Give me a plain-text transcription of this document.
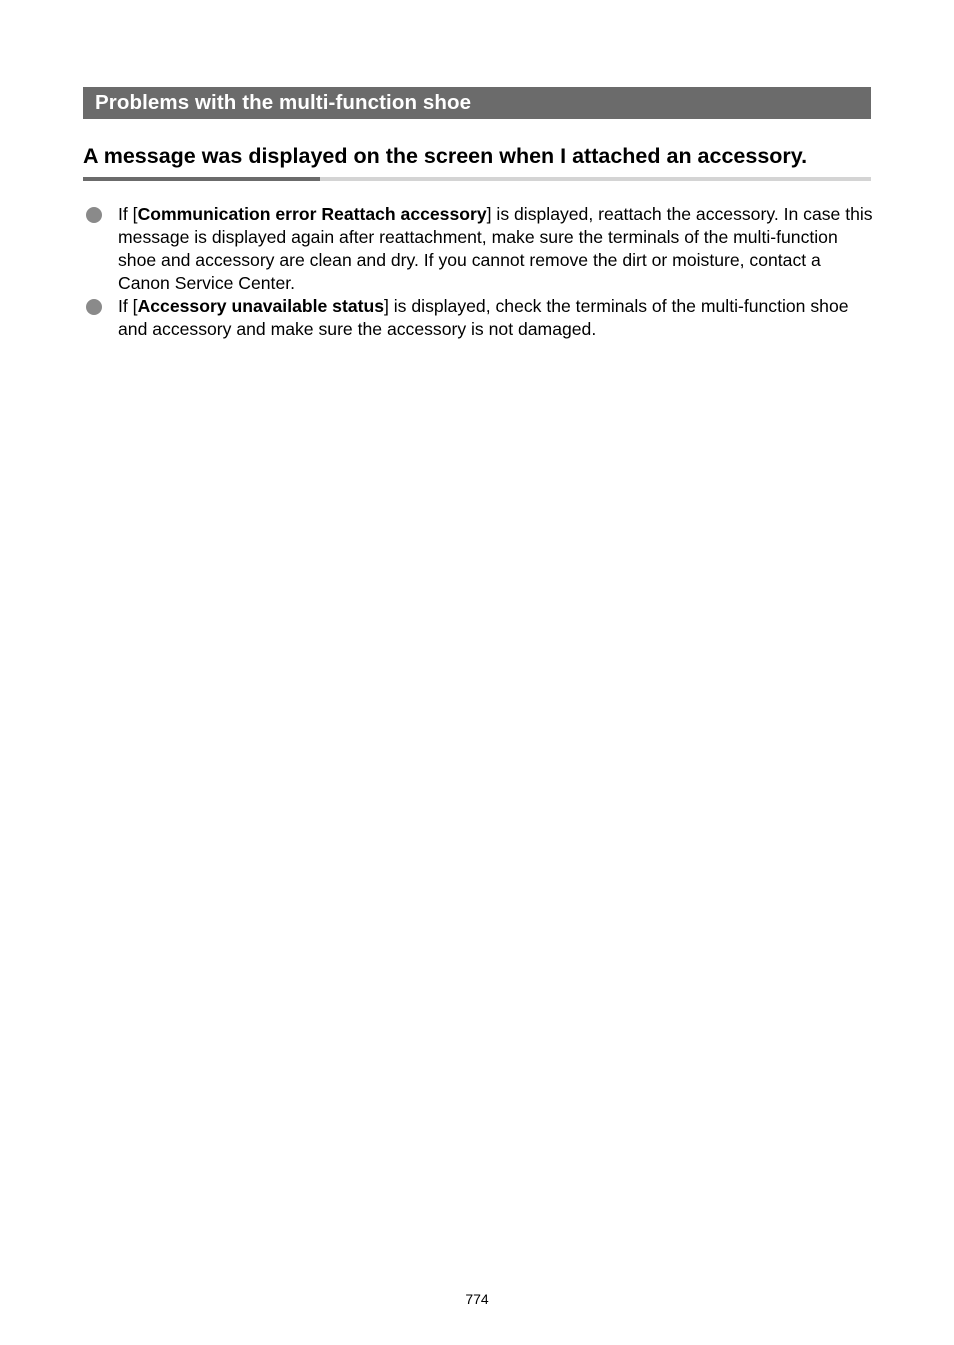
Problems with the multi-function shoe
A message was displayed on the screen when I attached an accessory.
If [Communication error Reattach accessory] is displayed, reattach the accessory. In case this message is displayed again after reattachment, make sure the terminals of the multi-function shoe and accessory are clean and dry. If you cannot remove the dirt or moisture, contact a Canon Service Center.
If [Accessory unavailable status] is displayed, check the terminals of the multi-function shoe and accessory and make sure the accessory is not damaged.
774
